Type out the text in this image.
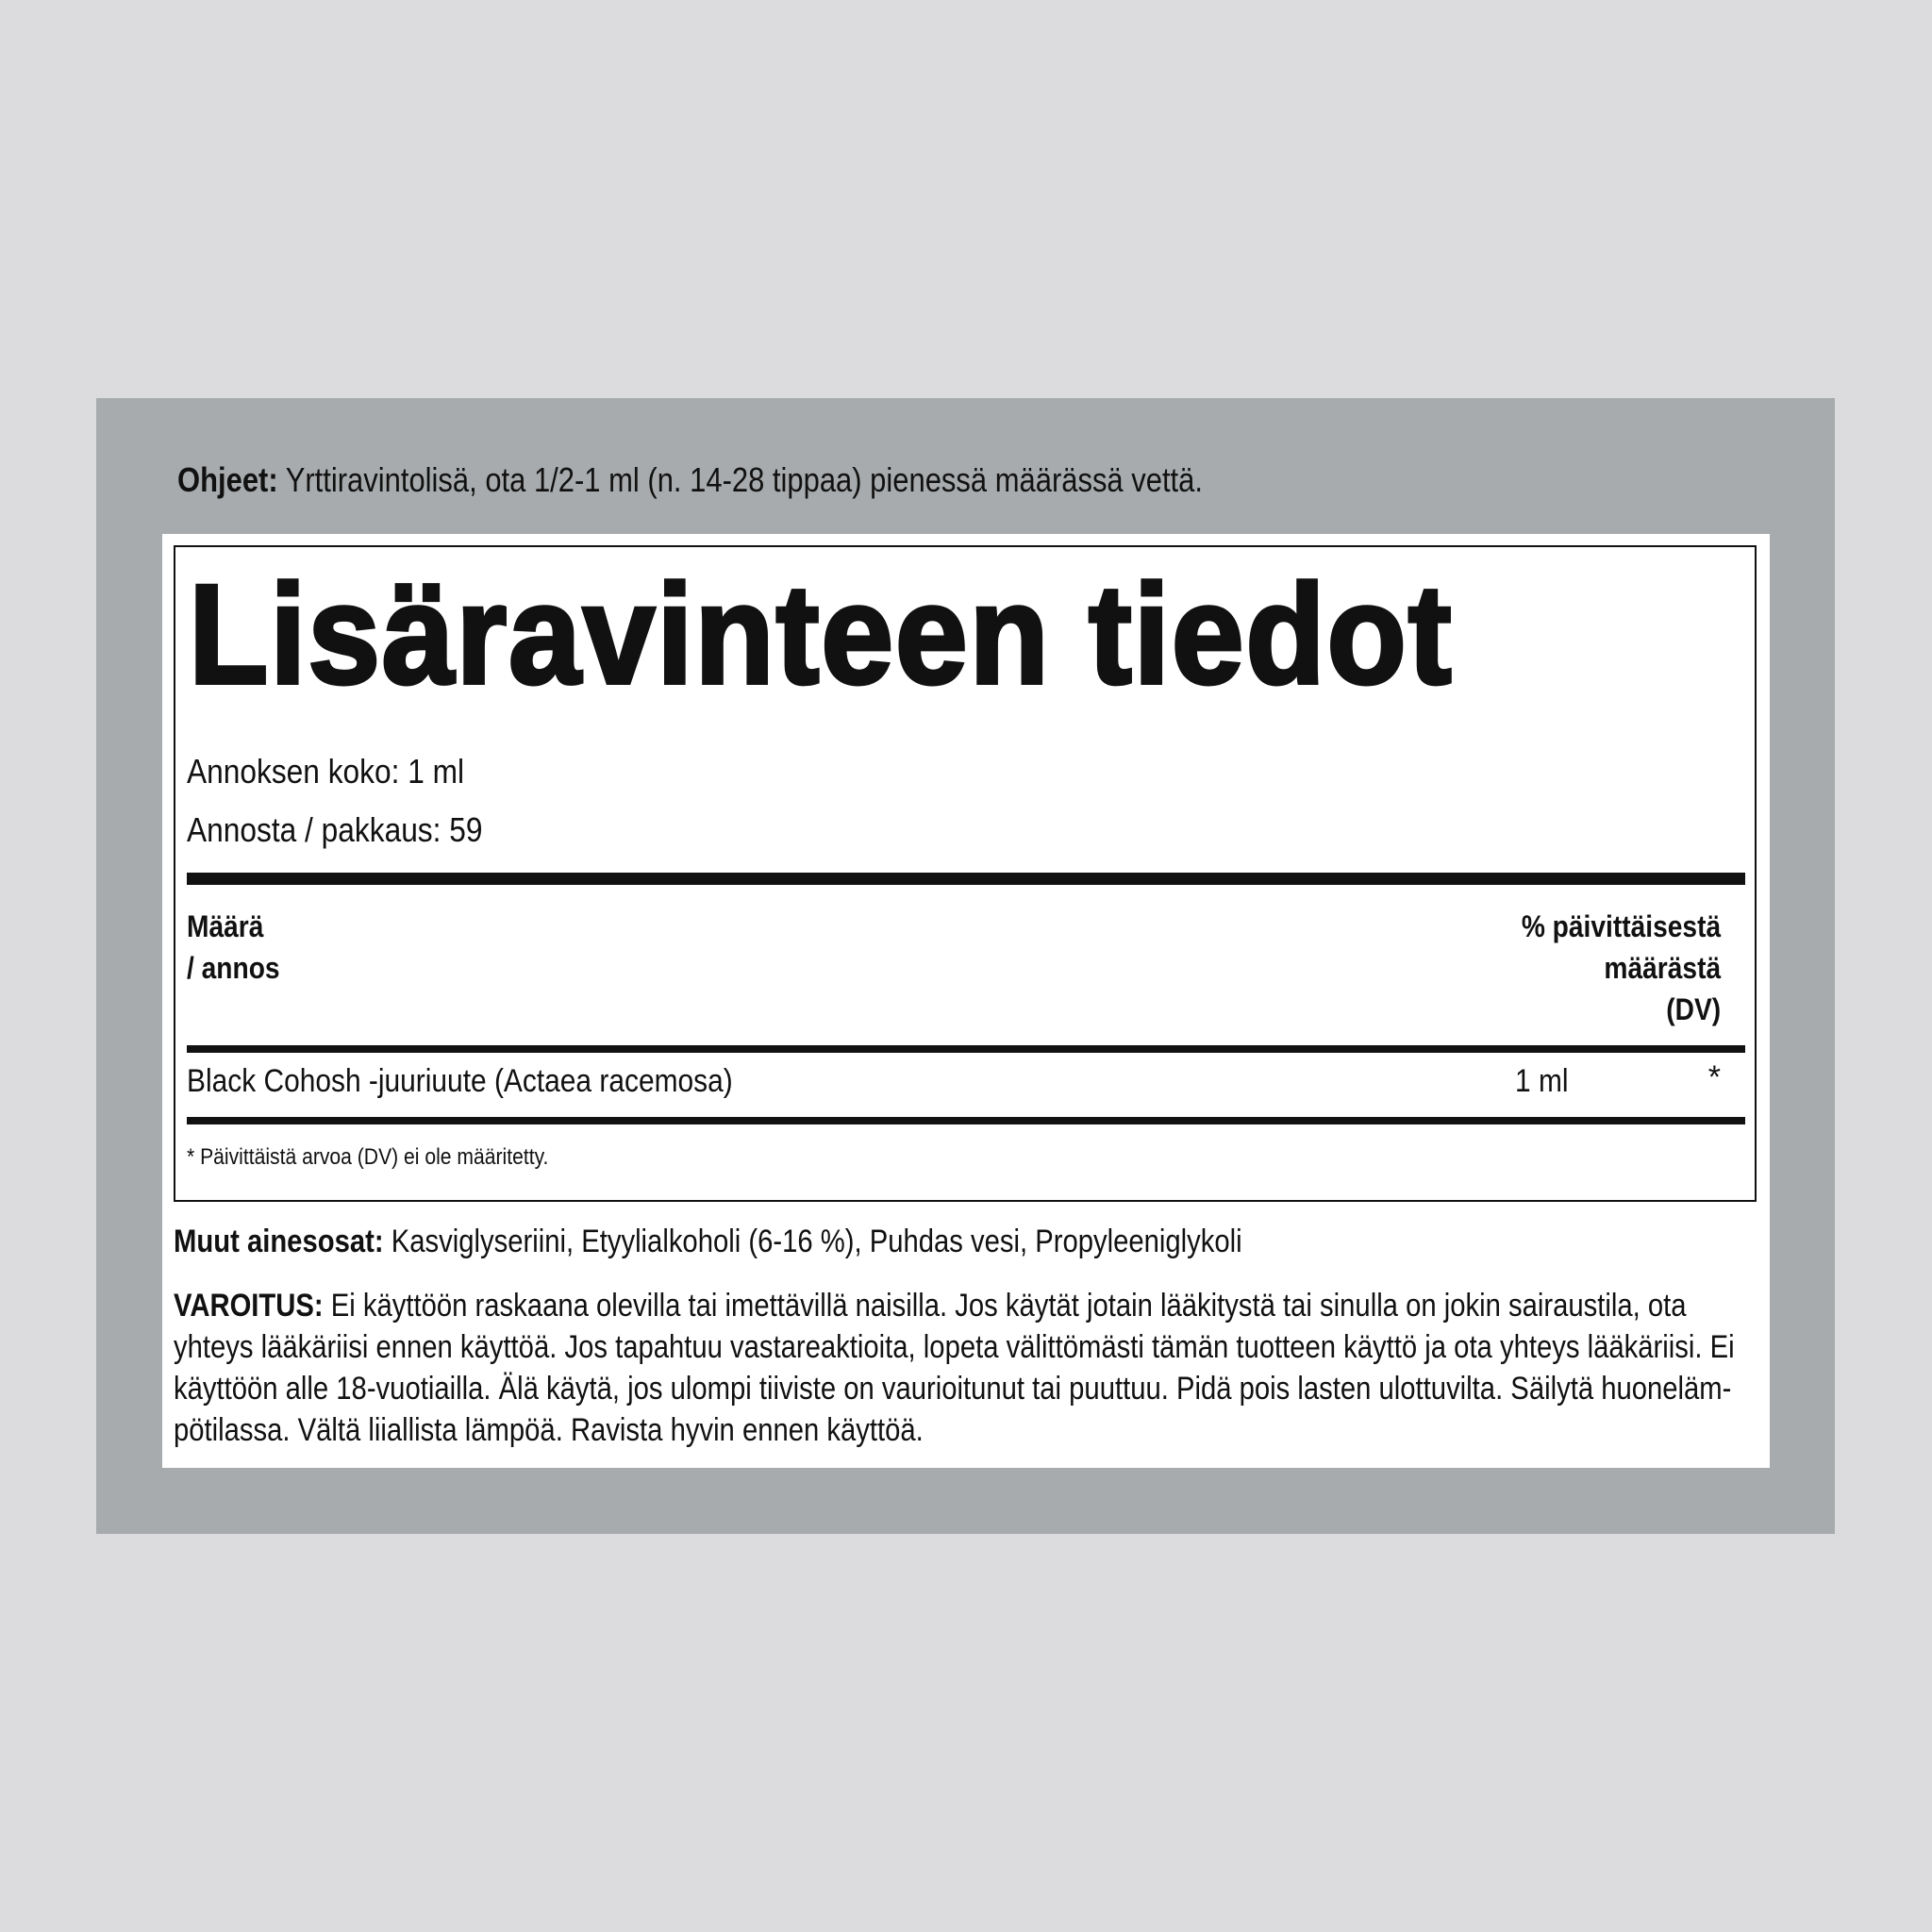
Ohjeet: Yrttiravintolisä, ota 1/2-1 ml (n. 14-28 tippaa) pienessä määrässä vettä.
Lisäravinteen tiedot
Annoksen koko: 1 ml
Annosta / pakkaus: 59
Määrä
/ annos
% päivittäisestä
määrästä
(DV)
Black Cohosh -juuriuute (Actaea racemosa)	1 ml	*
* Päivittäistä arvoa (DV) ei ole määritetty.
Muut ainesosat: Kasviglyseriini, Etyylialkoholi (6-16 %), Puhdas vesi, Propyleeniglykoli
VAROITUS: Ei käyttöön raskaana olevilla tai imettävillä naisilla. Jos käytät jotain lääkitystä tai sinulla on jokin sairaustila, ota yhteys lääkäriisi ennen käyttöä. Jos tapahtuu vastareaktioita, lopeta välittömästi tämän tuotteen käyttö ja ota yhteys lääkäriisi. Ei käyttöön alle 18-vuotiailla. Älä käytä, jos ulompi tiiviste on vaurioitunut tai puuttuu. Pidä pois lasten ulottuvilta. Säilytä huonelämpötilassa. Vältä liiallista lämpöä. Ravista hyvin ennen käyttöä.
